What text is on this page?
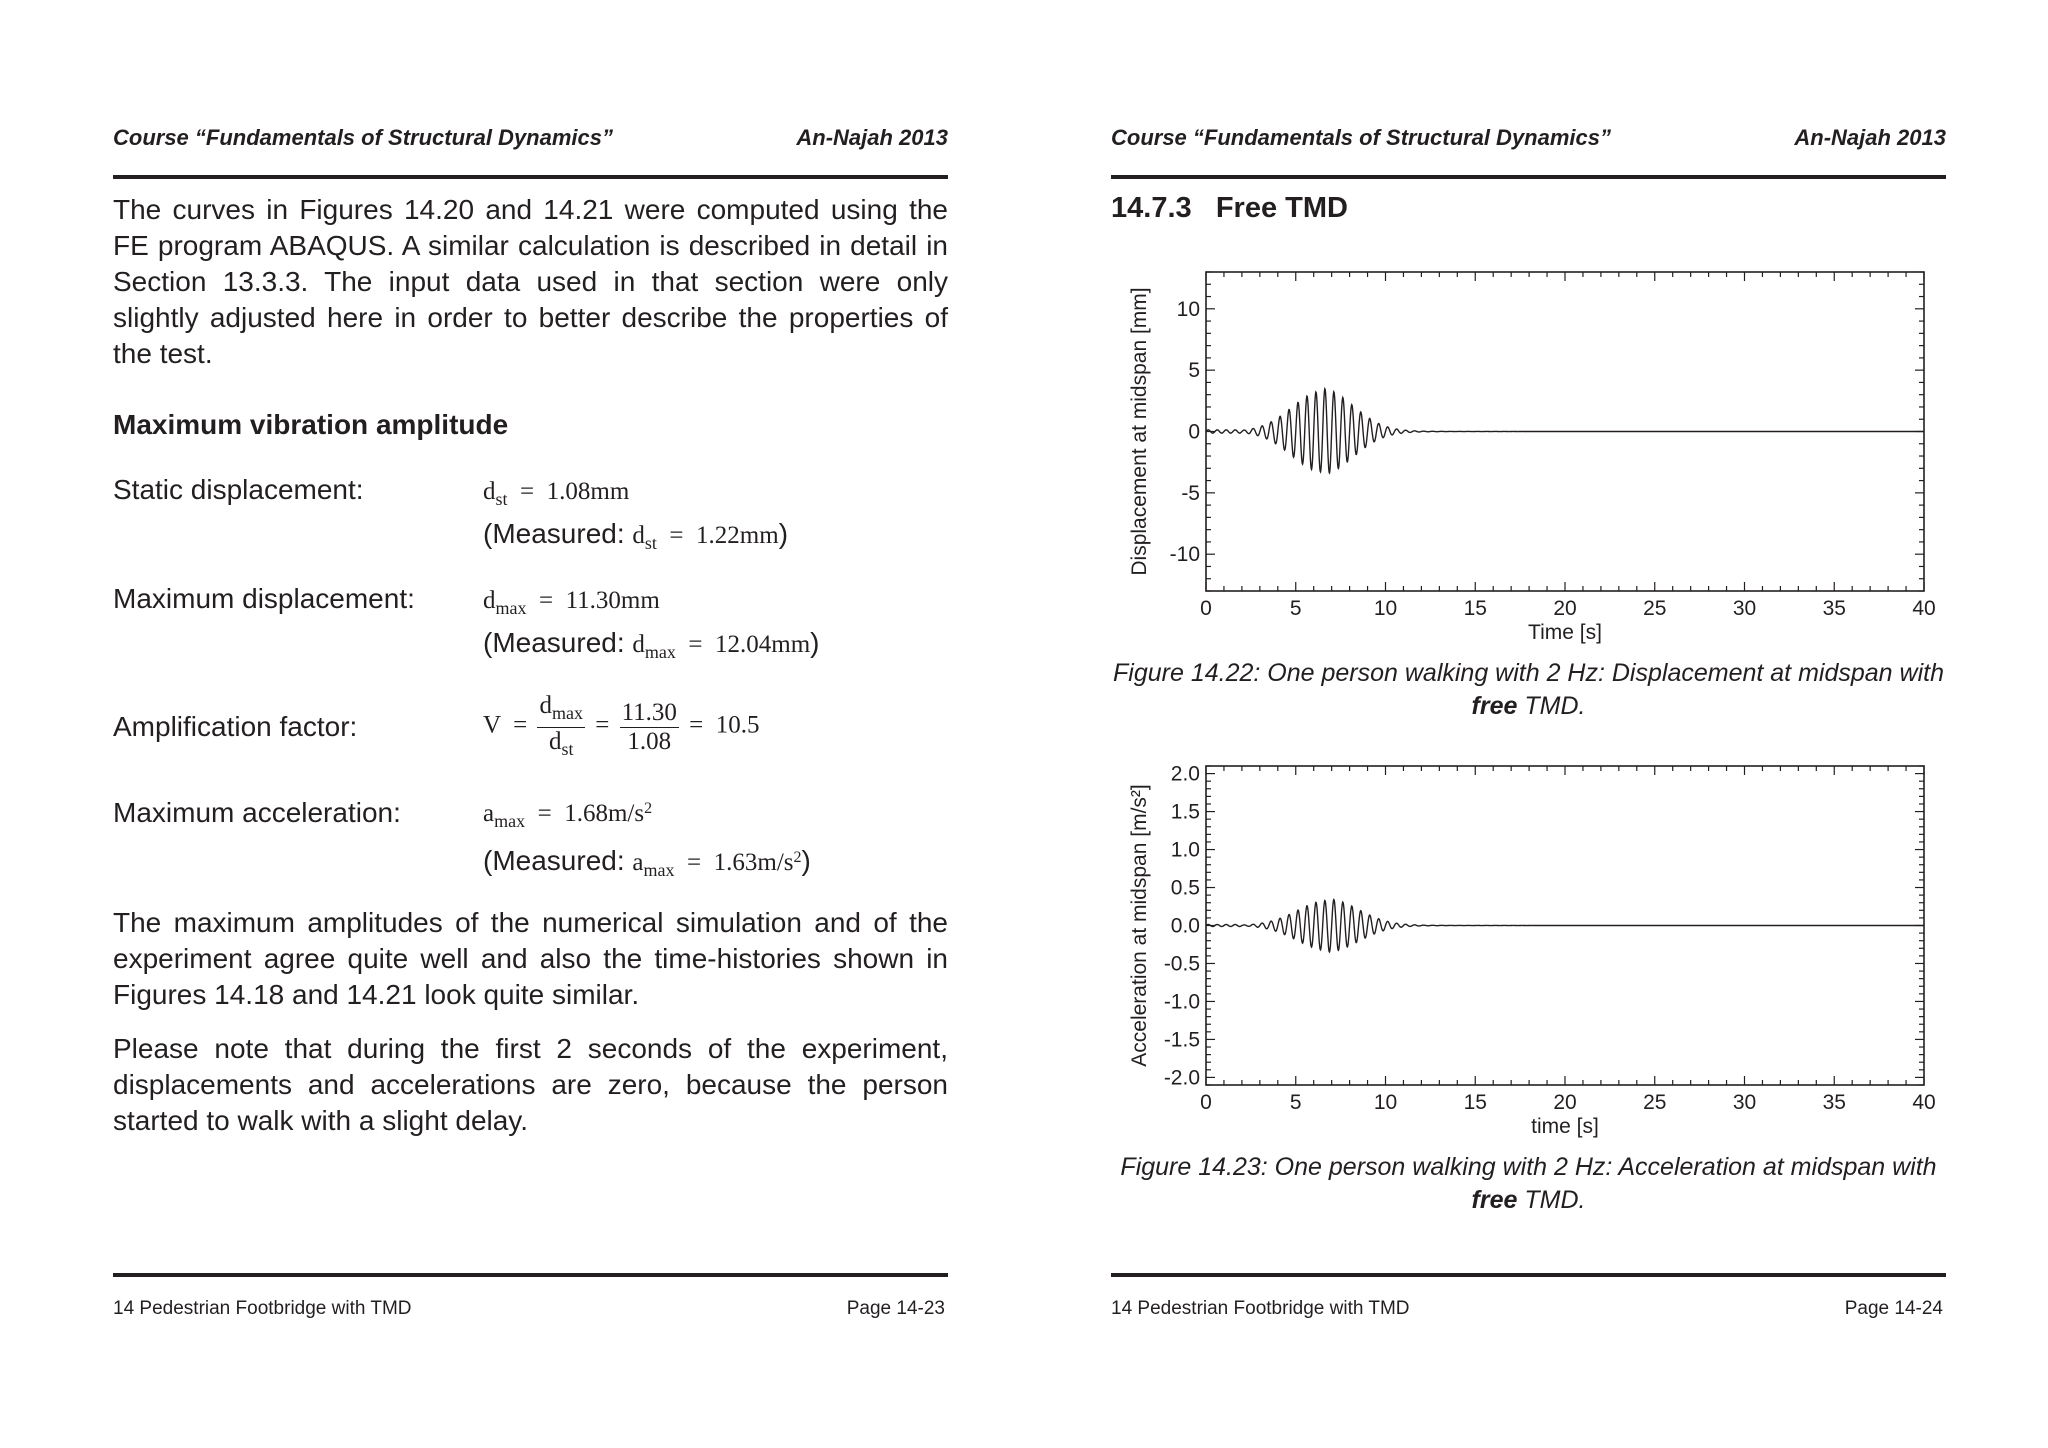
Course “Fundamentals of Structural Dynamics”	An-Najah 2013

The curves in Figures 14.20 and 14.21 were computed using the FE program ABAQUS. A similar calculation is described in detail in Section 13.3.3. The input data used in that section were only slightly adjusted here in order to better describe the properties of the test.

Maximum vibration amplitude
Static displacement:	$d_{st} = 1.08mm$
(Measured: $d_{st} = 1.22mm$)
Maximum displacement:	$d_{max} = 11.30mm$
(Measured: $d_{max} = 12.04mm$)
Amplification factor:	$V = \frac{d_{max}}{d_{st}} = \frac{11.30}{1.08} = 10.5$
Maximum acceleration:	$a_{max} = 1.68m/s^2$
(Measured: $a_{max} = 1.63m/s^2$)

The maximum amplitudes of the numerical simulation and of the experiment agree quite well and also the time-histories shown in Figures 14.18 and 14.21 look quite similar.

Please note that during the first 2 seconds of the experiment, displacements and accelerations are zero, because the person started to walk with a slight delay.

14 Pedestrian Footbridge with TMD	Page 14-23
Course “Fundamentals of Structural Dynamics”	An-Najah 2013
14.7.3 Free TMD
0	5	10	15	20	25	30	35	40
10
5
0
-5
-10
Time [s]
Displacement at midspan [mm]
Figure 14.22: One person walking with 2 Hz: Displacement at midspan with free TMD.
0	5	10	15	20	25	30	35	40
2.0
1.5
1.0
0.5
0.0
-0.5
-1.0
-1.5
-2.0
time [s]
Acceleration at midspan [m/s²]
Figure 14.23: One person walking with 2 Hz: Acceleration at midspan with free TMD.
14 Pedestrian Footbridge with TMD	Page 14-24
